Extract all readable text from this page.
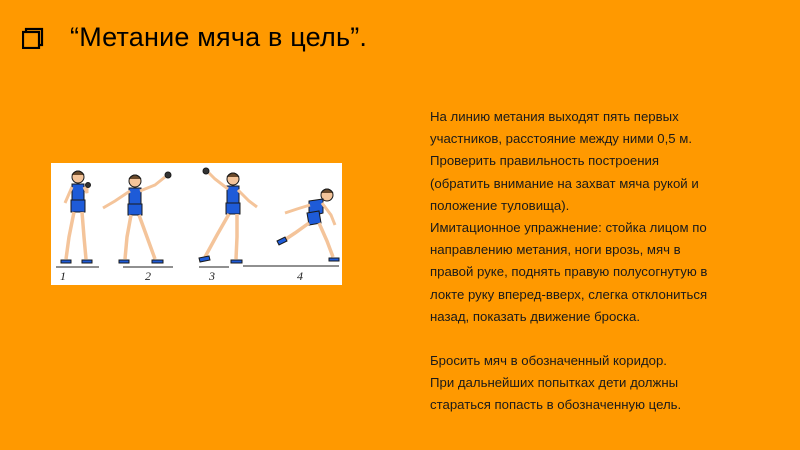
“Метание мяча в цель”.
1	2	3	4

На линию метания выходят пять первых

участников, расстояние между ними 0,5 м.

Проверить правильность построения

(обратить внимание на захват мяча рукой и

положение туловища).

Имитационное упражнение: стойка лицом по

направлению метания, ноги врозь, мяч в

правой руке, поднять правую полусогнутую в

локте руку вперед-вверх, слегка отклониться

назад, показать движение броска.

Бросить мяч в обозначенный коридор.

При дальнейших попытках дети должны

стараться попасть в обозначенную цель.
